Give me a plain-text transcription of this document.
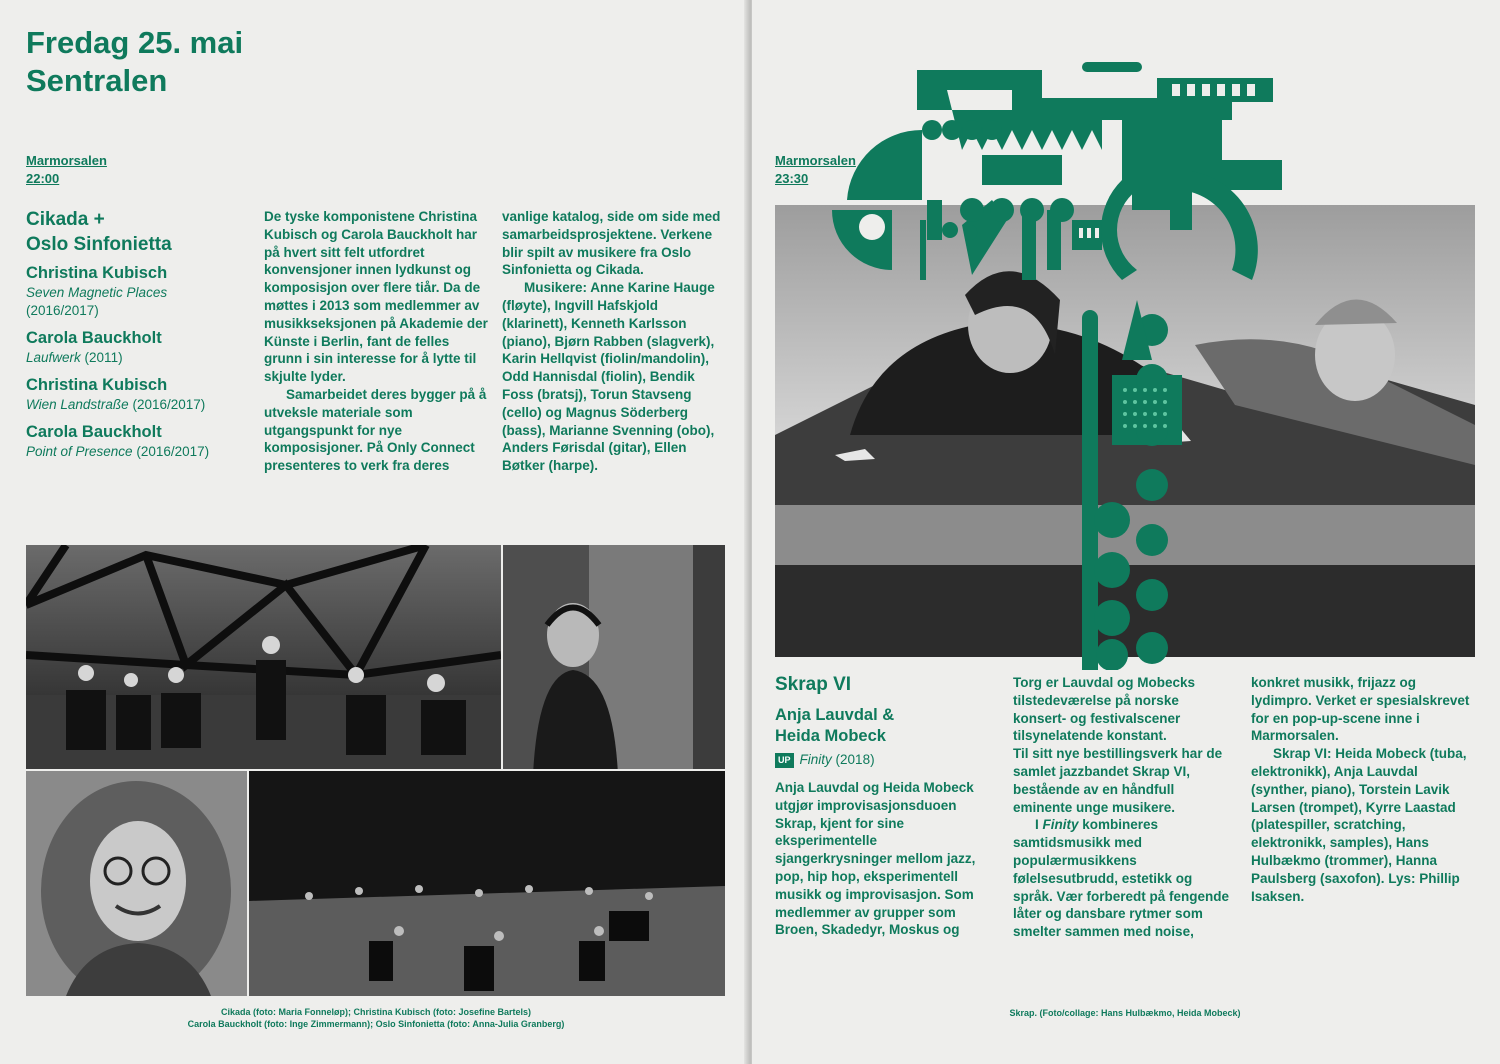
Fredag 25. mai
Sentralen
Marmorsalen
22:00
Cikada +
Oslo Sinfonietta

Christina Kubisch

Seven Magnetic Places
(2016/2017)

Carola Bauckholt

Laufwerk (2011)

Christina Kubisch

Wien Landstraße (2016/2017)

Carola Bauckholt

Point of Presence (2016/2017)

De tyske komponistene Christina Kubisch og Carola Bauckholt har på hvert sitt felt utfordret konvensjoner innen lydkunst og komposisjon over flere tiår. Da de møttes i 2013 som medlemmer av musikkseksjonen på Akademie der Künste i Berlin, fant de felles grunn i sin interesse for å lytte til skjulte lyder.

Samarbeidet deres bygger på å utveksle materiale som utgangspunkt for nye komposisjoner. På Only Connect presenteres to verk fra deres

vanlige katalog, side om side med samarbeidsprosjektene. Verkene blir spilt av musikere fra Oslo Sinfonietta og Cikada.

Musikere: Anne Karine Hauge (fløyte), Ingvill Hafskjold (klarinett), Kenneth Karlsson (piano), Bjørn Rabben (slagverk), Karin Hellqvist (fiolin/mandolin), Odd Hannisdal (fiolin), Bendik Foss (bratsj), Torun Stavseng (cello) og Magnus Söderberg (bass), Marianne Svenning (obo), Anders Førisdal (gitar), Ellen Bøtker (harpe).

Cikada (foto: Maria Fonneløp); Christina Kubisch (foto: Josefine Bartels)
Carola Bauckholt (foto: Inge Zimmermann); Oslo Sinfonietta (foto: Anna-Julia Granberg)
Marmorsalen
23:30
Skrap VI

Anja Lauvdal &
Heida Mobeck

UP Finity (2018)

Anja Lauvdal og Heida Mobeck utgjør improvisasjonsduoen Skrap, kjent for sine eksperimentelle sjangerkrysninger mellom jazz, pop, hip hop, eksperimentell musikk og improvisasjon. Som medlemmer av grupper som Broen, Skadedyr, Moskus og

Torg er Lauvdal og Mobecks tilstedeværelse på norske konsert- og festivalscener tilsynelatende konstant.

Til sitt nye bestillingsverk har de samlet jazzbandet Skrap VI, bestående av en håndfull eminente unge musikere.

I Finity kombineres samtidsmusikk med populærmusikkens følelsesutbrudd, estetikk og språk. Vær forberedt på fengende låter og dansbare rytmer som smelter sammen med noise,

konkret musikk, frijazz og lydimpro. Verket er spesialskrevet for en pop-up-scene inne i Marmorsalen.

Skrap VI: Heida Mobeck (tuba, elektronikk), Anja Lauvdal (synther, piano), Torstein Lavik Larsen (trompet), Kyrre Laastad (platespiller, scratching, elektronikk, samples), Hans Hulbækmo (trommer), Hanna Paulsberg (saxofon). Lys: Phillip Isaksen.

Skrap. (Foto/collage: Hans Hulbækmo, Heida Mobeck)
